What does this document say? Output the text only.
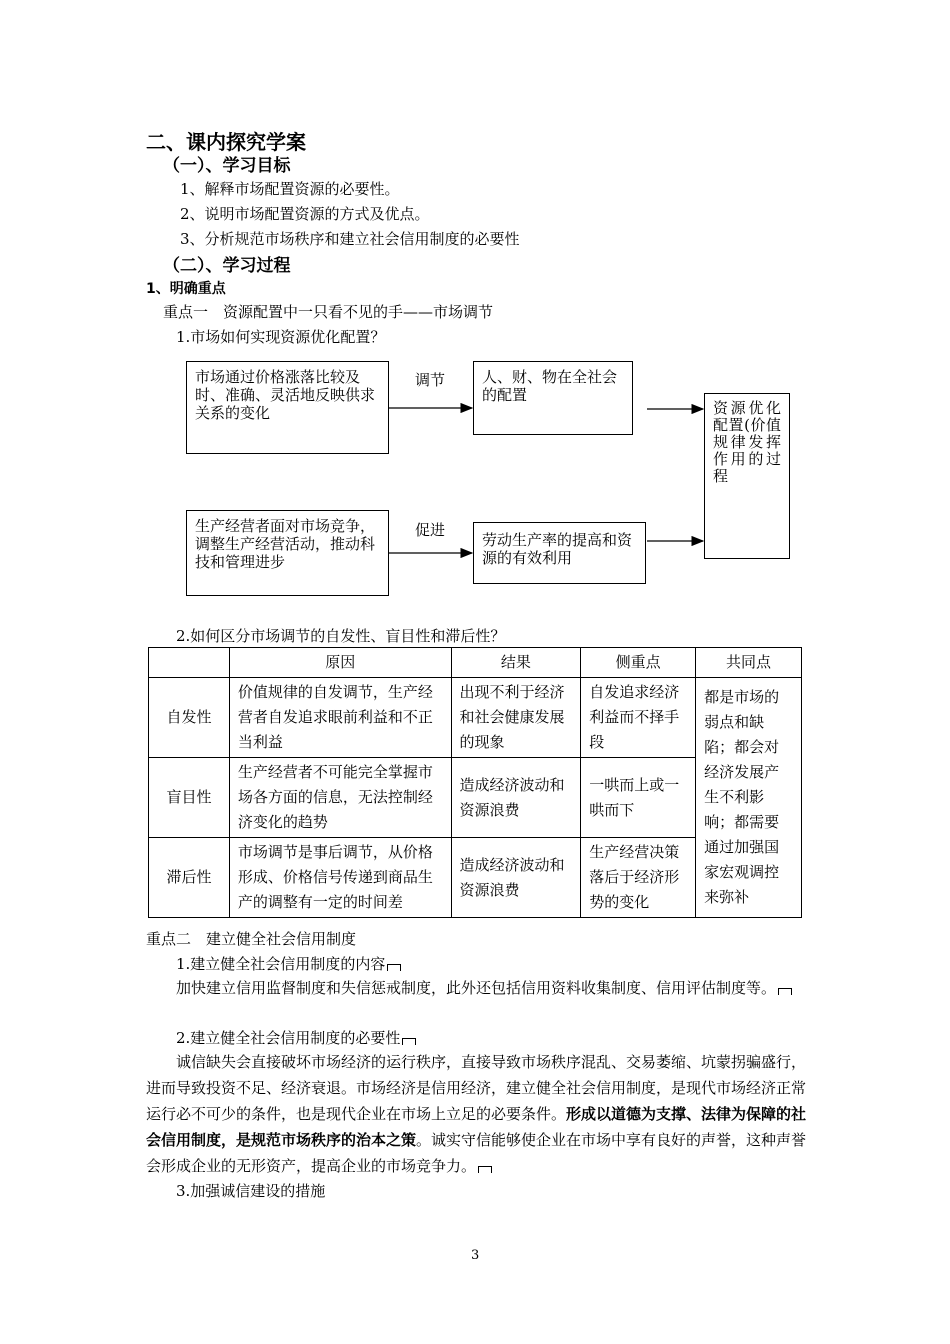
二、课内探究学案
（一）、学习目标
1、解释市场配置资源的必要性。
2、说明市场配置资源的方式及优点。
3、分析规范市场秩序和建立社会信用制度的必要性
（二）、学习过程
1、明确重点
重点一　资源配置中一只看不见的手——市场调节
1.市场如何实现资源优化配置？
市场通过价格涨落比较及时、准确、灵活地反映供求关系的变化
调节	人、财、物在全社会的配置
资源优化配置(价值规律发挥作用的过程
生产经营者面对市场竞争，调整生产经营活动，推动科技和管理进步
促进
劳动生产率的提高和资源的有效利用
2.如何区分市场调节的自发性、盲目性和滞后性？
	原因	结果	侧重点	共同点
自发性	价值规律的自发调节，生产经营者自发追求眼前利益和不正当利益	出现不利于经济和社会健康发展的现象	自发追求经济利益而不择手段	都是市场的弱点和缺陷；都会对经济发展产生不利影响；都需要通过加强国家宏观调控来弥补
盲目性	生产经营者不可能完全掌握市场各方面的信息，无法控制经济变化的趋势	造成经济波动和资源浪费	一哄而上或一哄而下	
滞后性	市场调节是事后调节，从价格形成、价格信号传递到商品生产的调整有一定的时间差	造成经济波动和资源浪费	生产经营决策落后于经济形势的变化	
重点二　建立健全社会信用制度
1.建立健全社会信用制度的内容
加快建立信用监督制度和失信惩戒制度，此外还包括信用资料收集制度、信用评估制度等。
2.建立健全社会信用制度的必要性
诚信缺失会直接破坏市场经济的运行秩序，直接导致市场秩序混乱、交易萎缩、坑蒙拐骗盛行，进而导致投资不足、经济衰退。市场经济是信用经济，建立健全社会信用制度，是现代市场经济正常运行必不可少的条件，也是现代企业在市场上立足的必要条件。形成以道德为支撑、法律为保障的社会信用制度，是规范市场秩序的治本之策。诚实守信能够使企业在市场中享有良好的声誉，这种声誉会形成企业的无形资产，提高企业的市场竞争力。
3.加强诚信建设的措施
3
